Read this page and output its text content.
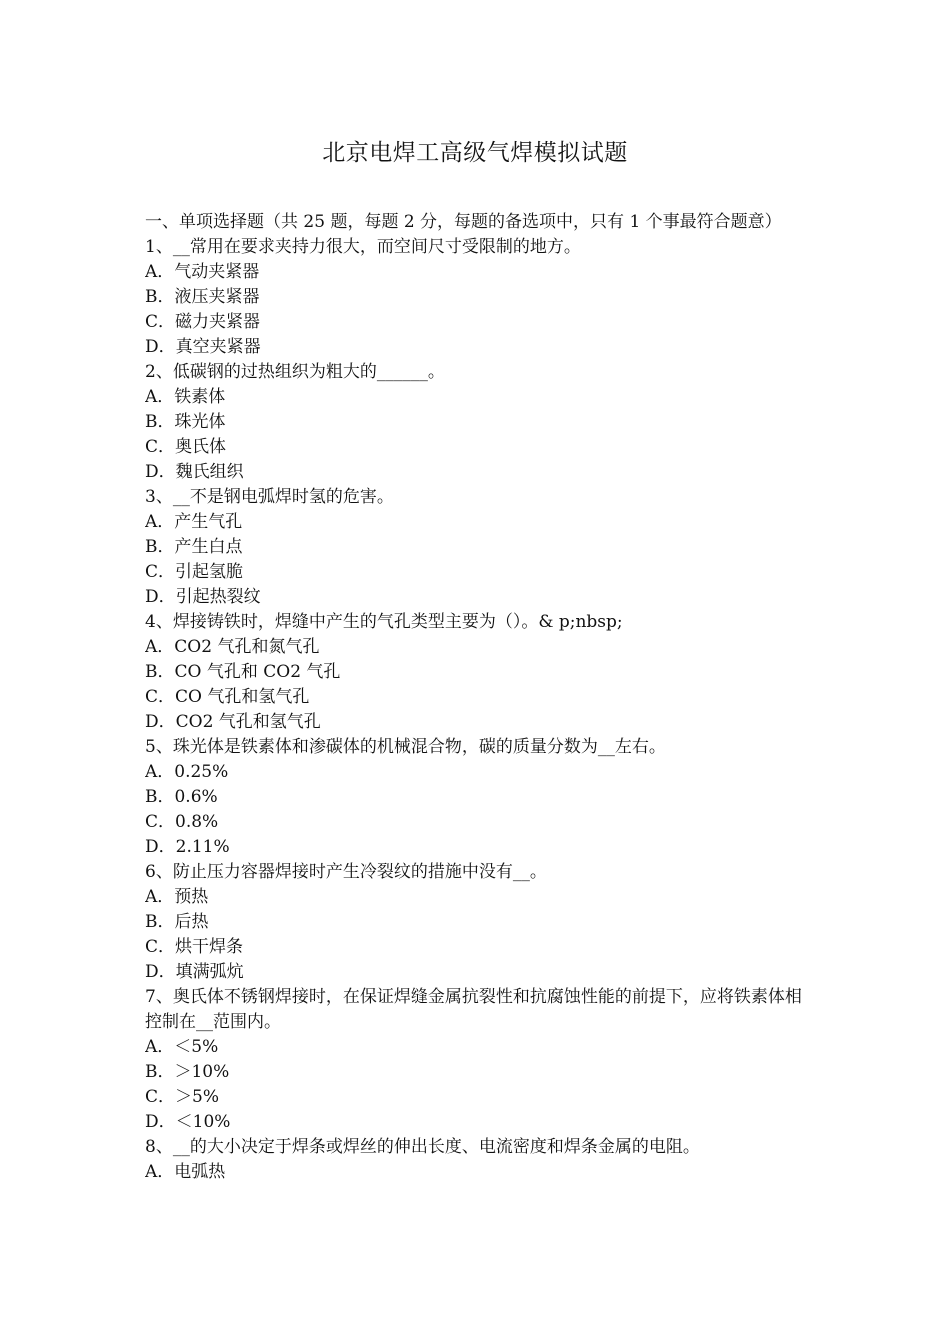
北京电焊工高级气焊模拟试题
一、单项选择题（共 25 题，每题 2 分，每题的备选项中，只有 1 个事最符合题意）
1、__常用在要求夹持力很大，而空间尺寸受限制的地方。
A．气动夹紧器
B．液压夹紧器
C．磁力夹紧器
D．真空夹紧器
2、低碳钢的过热组织为粗大的______。
A．铁素体
B．珠光体
C．奥氏体
D．魏氏组织
3、__不是钢电弧焊时氢的危害。
A．产生气孔
B．产生白点
C．引起氢脆
D．引起热裂纹
4、焊接铸铁时，焊缝中产生的气孔类型主要为（）。& p;nbsp;
A．CO2 气孔和氮气孔
B．CO 气孔和 CO2 气孔
C．CO 气孔和氢气孔
D．CO2 气孔和氢气孔
5、珠光体是铁素体和渗碳体的机械混合物，碳的质量分数为__左右。
A．0.25%
B．0.6%
C．0.8%
D．2.11%
6、防止压力容器焊接时产生冷裂纹的措施中没有__。
A．预热
B．后热
C．烘干焊条
D．填满弧炕
7、奥氏体不锈钢焊接时，在保证焊缝金属抗裂性和抗腐蚀性能的前提下，应将铁素体相控制在__范围内。
A．＜5%
B．＞10%
C．＞5%
D．＜10%
8、__的大小决定于焊条或焊丝的伸出长度、电流密度和焊条金属的电阻。
A．电弧热
